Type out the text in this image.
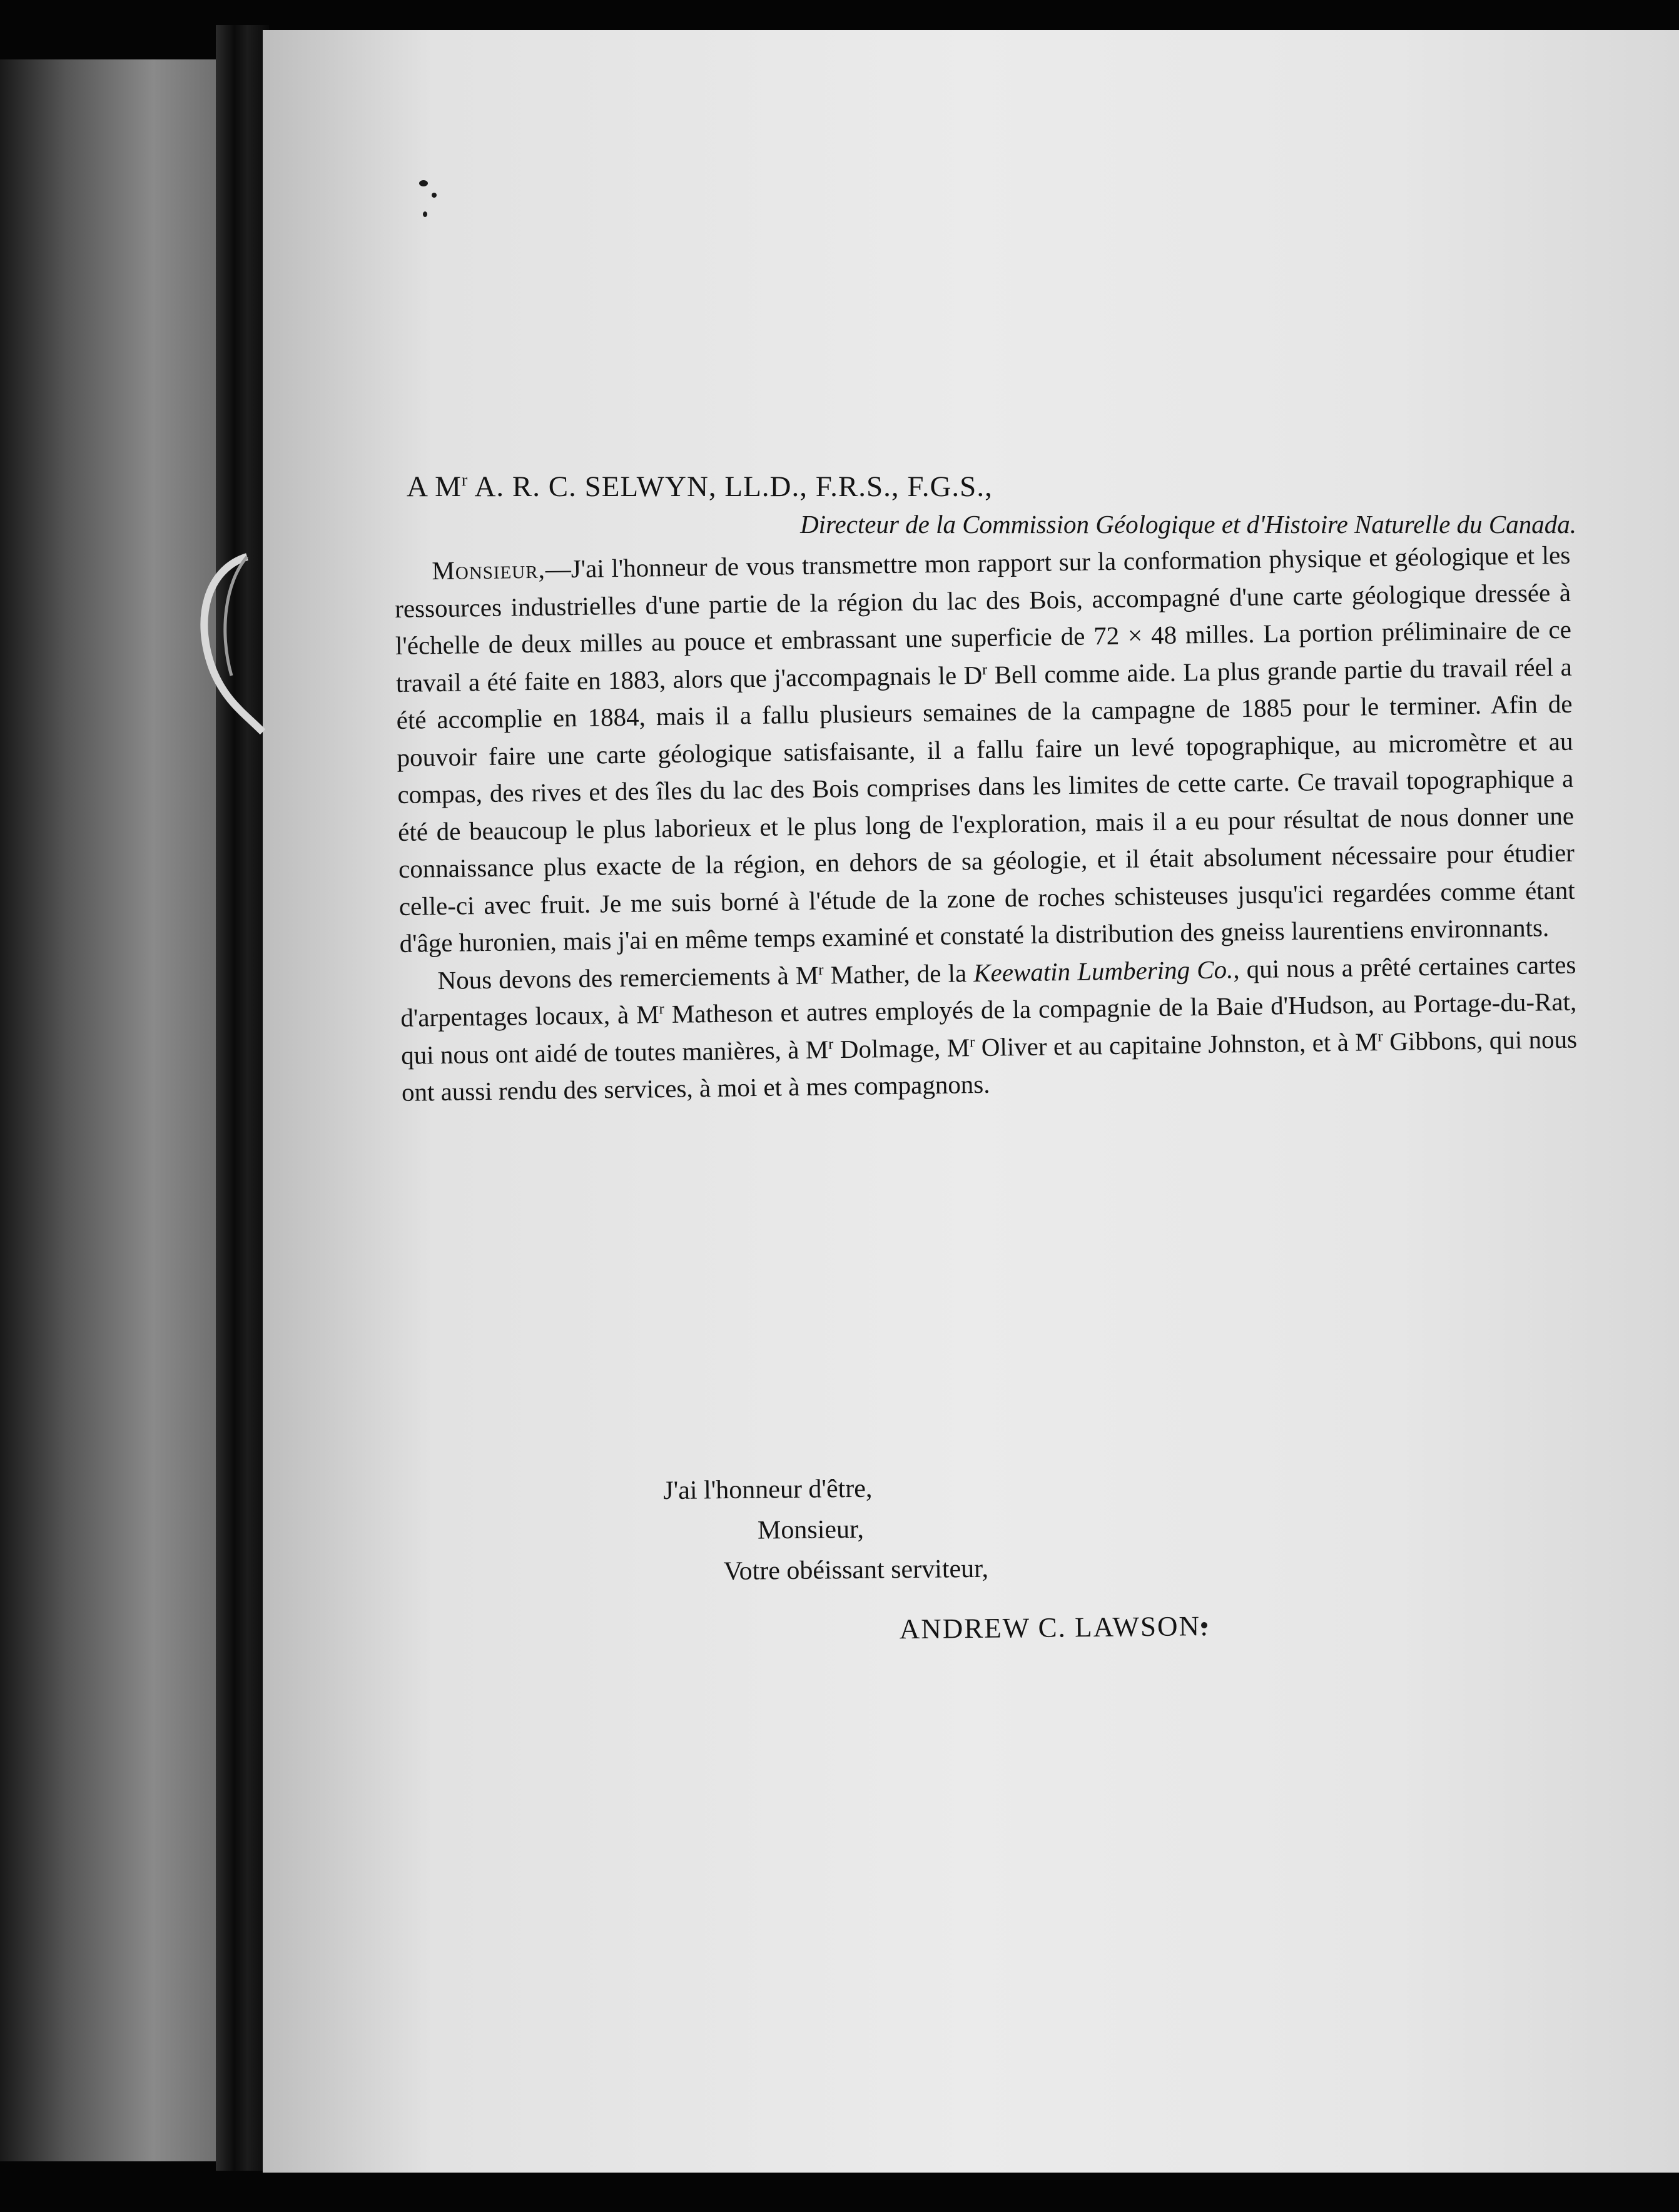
A $M^r$ A. R. C. SELWYN, LL.D., F.R.S., F.G.S.,
Directeur de la Commission Géologique et d'Histoire Naturelle du Canada.

Monsieur,—J'ai l'honneur de vous transmettre mon rapport sur la conformation physique et géologique et les ressources industrielles d'une partie de la région du lac des Bois, accompagné d'une carte géologique dressée à l'échelle de deux milles au pouce et embrassant une superficie de 72 × 48 milles. La portion préliminaire de ce travail a été faite en 1883, alors que j'accompagnais le $D^r$ Bell comme aide. La plus grande partie du travail réel a été accomplie en 1884, mais il a fallu plusieurs semaines de la campagne de 1885 pour le terminer. Afin de pouvoir faire une carte géologique satisfaisante, il a fallu faire un levé topographique, au micromètre et au compas, des rives et des îles du lac des Bois comprises dans les limites de cette carte. Ce travail topographique a été de beaucoup le plus laborieux et le plus long de l'exploration, mais il a eu pour résultat de nous donner une connaissance plus exacte de la région, en dehors de sa géologie, et il était absolument nécessaire pour étudier celle-ci avec fruit. Je me suis borné à l'étude de la zone de roches schisteuses jusqu'ici regardées comme étant d'âge huronien, mais j'ai en même temps examiné et constaté la distribution des gneiss laurentiens environnants.

Nous devons des remerciements à $M^r$ Mather, de la Keewatin Lumbering Co., qui nous a prêté certaines cartes d'arpentages locaux, à $M^r$ Matheson et autres employés de la compagnie de la Baie d'Hudson, au Portage-du-Rat, qui nous ont aidé de toutes manières, à $M^r$ Dolmage, $M^r$ Oliver et au capitaine Johnston, et à $M^r$ Gibbons, qui nous ont aussi rendu des services, à moi et à mes compagnons.

J'ai l'honneur d'être,
Monsieur,
Votre obéissant serviteur,
ANDREW C. LAWSON.
